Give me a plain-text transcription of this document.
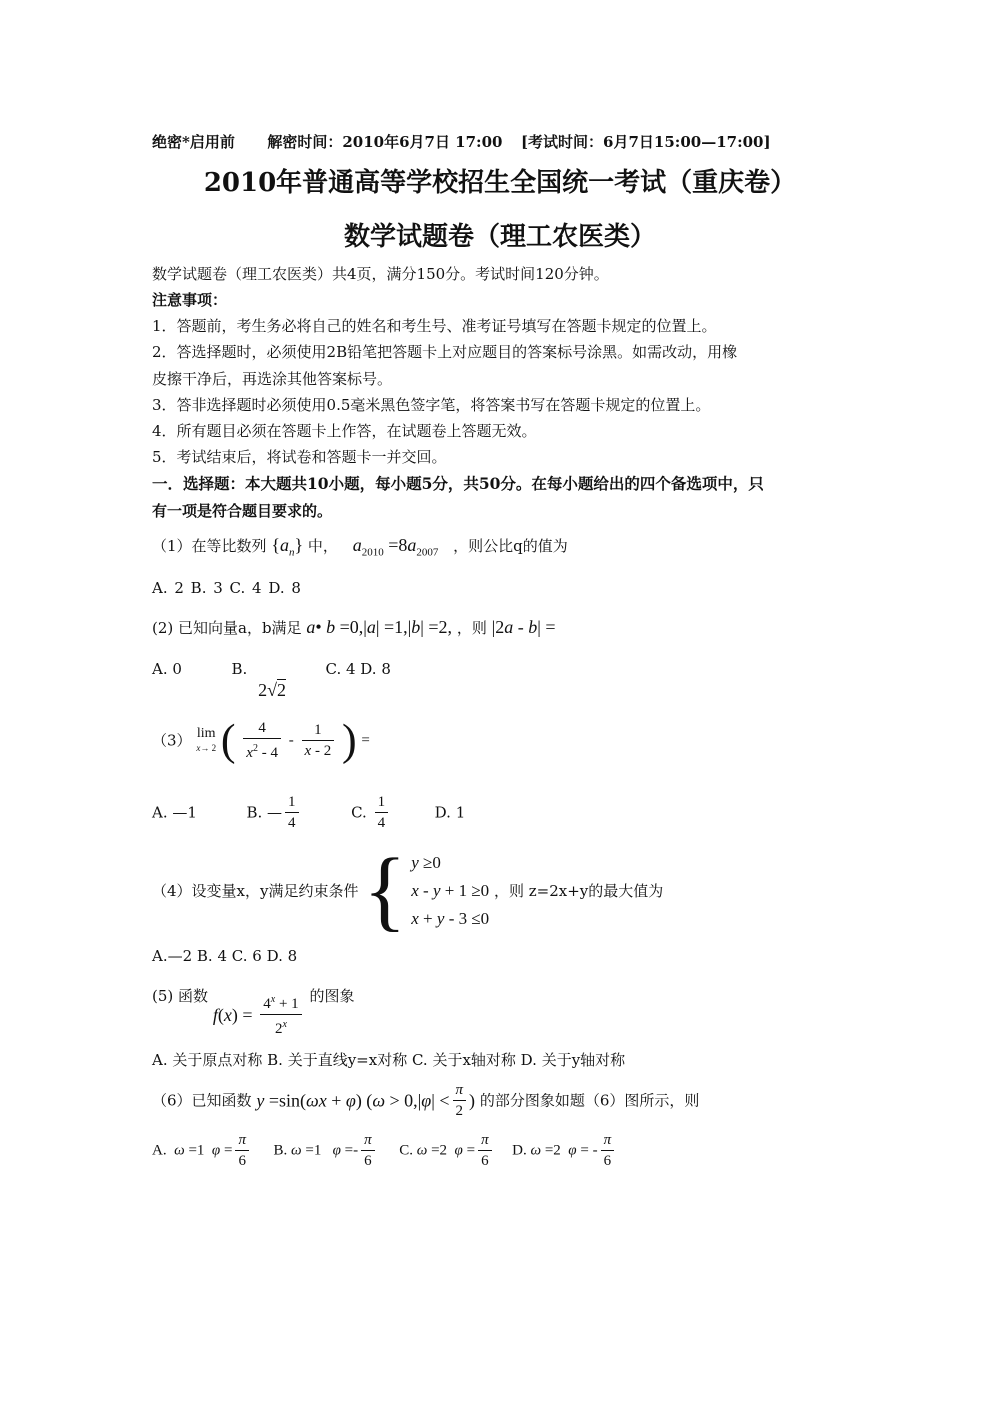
绝密*启用前 解密时间：2010年6月7日 17:00 [考试时间：6月7日15:00—17:00]
2010年普通高等学校招生全国统一考试（重庆卷）
数学试题卷（理工农医类）
数学试题卷（理工农医类）共4页，满分150分。考试时间120分钟。
注意事项：
1．答题前，考生务必将自己的姓名和考生号、准考证号填写在答题卡规定的位置上。
2．答选择题时，必须使用2B铅笔把答题卡上对应题目的答案标号涂黑。如需改动，用橡
皮擦干净后，再选涂其他答案标号。
3．答非选择题时必须使用0.5毫米黑色签字笔，将答案书写在答题卡规定的位置上。
4．所有题目必须在答题卡上作答，在试题卷上答题无效。
5．考试结束后，将试卷和答题卡一并交回。
一．选择题：本大题共10小题，每小题5分，共50分。在每小题给出的四个备选项中，只
有一项是符合题目要求的。
（1）在等比数列 $\{a_n\}$ 中， $a_{2010} =8a_{2007}$ ，则公比q的值为
A. 2 B. 3 C. 4 D. 8
(2) 已知向量a，b满足 a• b =0,|a| =1,|b| =2, ，则 |2a - b| =
A. 0	B. 2√2  C. 4 D. 8
（3） lim
x→ 2 ( $\frac{4}{x^2 - 4} - \frac{1}{x - 2}$ ) =
A. —1	B. — $\frac{1}{4}$	C. $\frac{1}{4}$	D. 1
（4）设变量x，y满足约束条件 { y ≥0
x - y + 1 ≥0
x + y - 3 ≤0
，则 z=2x+y的最大值为
A.—2 B. 4 C. 6 D. 8
(5) 函数 $f(x) = \frac{4^x + 1}{2^x}$ 的图象
A. 关于原点对称 B. 关于直线y=x对称 C. 关于x轴对称 D. 关于y轴对称
（6）已知函数 y =sin(ωx + φ) ($\omega > 0,|\varphi| < \frac{\pi}{2}$ ) 的部分图象如题（6）图所示，则
A.  ω =1  $\varphi = \frac{\pi}{6} B$. ω =1   $\varphi =- \frac{\pi}{6} C$. ω =2  $\varphi = \frac{\pi}{6} D$. ω =2  φ = - $\frac{\pi}{6}$
